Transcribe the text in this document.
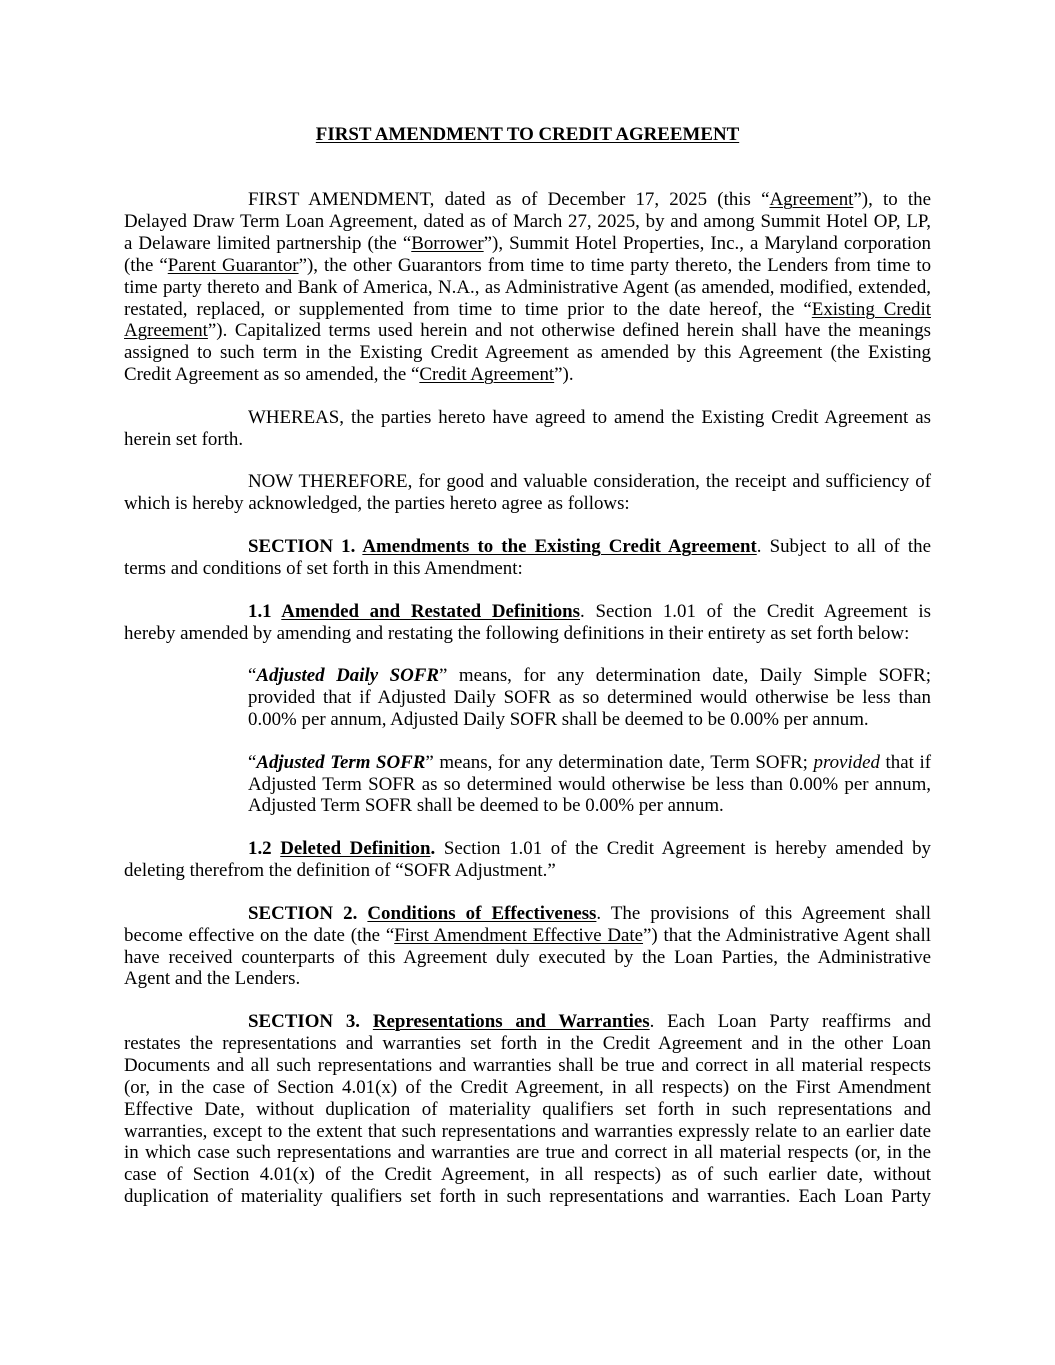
FIRST AMENDMENT TO CREDIT AGREEMENT
FIRST AMENDMENT, dated as of December 17, 2025 (this “Agreement”), to the
Delayed Draw Term Loan Agreement, dated as of March 27, 2025, by and among Summit Hotel OP, LP,
a Delaware limited partnership (the “Borrower”), Summit Hotel Properties, Inc., a Maryland corporation
(the “Parent Guarantor”), the other Guarantors from time to time party thereto, the Lenders from time to
time party thereto and Bank of America, N.A., as Administrative Agent (as amended, modified, extended,
restated, replaced, or supplemented from time to time prior to the date hereof, the “Existing Credit
Agreement”). Capitalized terms used herein and not otherwise defined herein shall have the meanings
assigned to such term in the Existing Credit Agreement as amended by this Agreement (the Existing
Credit Agreement as so amended, the “Credit Agreement”).
WHEREAS, the parties hereto have agreed to amend the Existing Credit Agreement as
herein set forth.
NOW THEREFORE, for good and valuable consideration, the receipt and sufficiency of
which is hereby acknowledged, the parties hereto agree as follows:
SECTION 1. Amendments to the Existing Credit Agreement. Subject to all of the
terms and conditions of set forth in this Amendment:
1.1 Amended and Restated Definitions. Section 1.01 of the Credit Agreement is
hereby amended by amending and restating the following definitions in their entirety as set forth below:
“Adjusted Daily SOFR” means, for any determination date, Daily Simple SOFR;
provided that if Adjusted Daily SOFR as so determined would otherwise be less than
0.00% per annum, Adjusted Daily SOFR shall be deemed to be 0.00% per annum.
“Adjusted Term SOFR” means, for any determination date, Term SOFR; provided that if
Adjusted Term SOFR as so determined would otherwise be less than 0.00% per annum,
Adjusted Term SOFR shall be deemed to be 0.00% per annum.
1.2 Deleted Definition. Section 1.01 of the Credit Agreement is hereby amended by
deleting therefrom the definition of “SOFR Adjustment.”
SECTION 2. Conditions of Effectiveness. The provisions of this Agreement shall
become effective on the date (the “First Amendment Effective Date”) that the Administrative Agent shall
have received counterparts of this Agreement duly executed by the Loan Parties, the Administrative
Agent and the Lenders.
SECTION 3. Representations and Warranties. Each Loan Party reaffirms and
restates the representations and warranties set forth in the Credit Agreement and in the other Loan
Documents and all such representations and warranties shall be true and correct in all material respects
(or, in the case of Section 4.01(x) of the Credit Agreement, in all respects) on the First Amendment
Effective Date, without duplication of materiality qualifiers set forth in such representations and
warranties, except to the extent that such representations and warranties expressly relate to an earlier date
in which case such representations and warranties are true and correct in all material respects (or, in the
case of Section 4.01(x) of the Credit Agreement, in all respects) as of such earlier date, without
duplication of materiality qualifiers set forth in such representations and warranties. Each Loan Party
